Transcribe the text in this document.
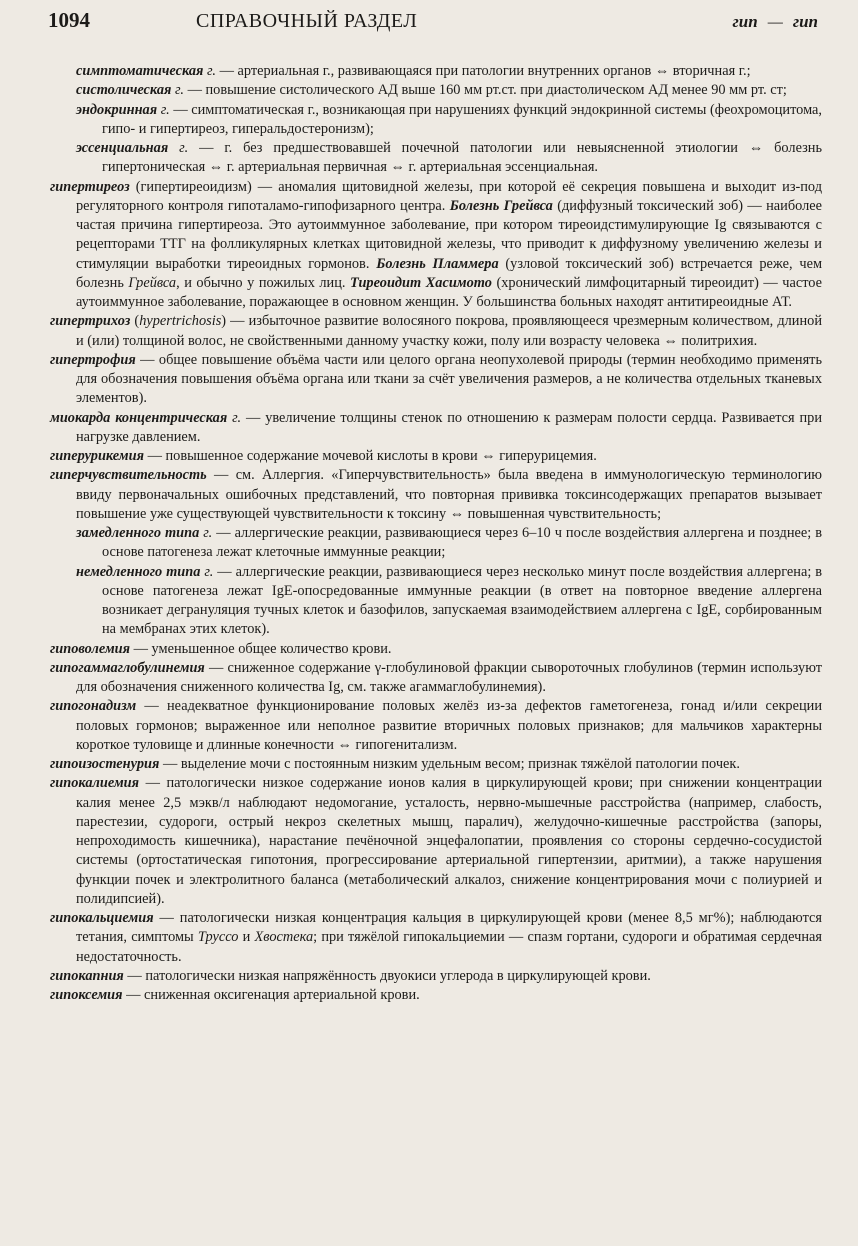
1094	СПРАВОЧНЫЙ РАЗДЕЛ	гип — гип

симптоматическая г. — артериальная г., развивающаяся при патологии внутренних органов ⇔ вторичная г.;

систолическая г. — повышение систолического АД выше 160 мм рт.ст. при диастолическом АД менее 90 мм рт. ст;

эндокринная г. — симптоматическая г., возникающая при нарушениях функций эндокринной системы (феохромоцитома, гипо- и гипертиреоз, гиперальдостеронизм);

эссенциальная г. — г. без предшествовавшей почечной патологии или невыясненной этиологии ⇔ болезнь гипертоническая ⇔ г. артериальная первичная ⇔ г. артериальная эссенциальная.

гипертиреоз (гипертиреоидизм) — аномалия щитовидной железы, при которой её секреция повышена и выходит из-под регуляторного контроля гипоталамо-гипофизарного центра. Болезнь Грейвса (диффузный токсический зоб) — наиболее частая причина гипертиреоза. Это аутоиммунное заболевание, при котором тиреоидстимулирующие Ig связываются с рецепторами ТТГ на фолликулярных клетках щитовидной железы, что приводит к диффузному увеличению железы и стимуляции выработки тиреоидных гормонов. Болезнь Пламмера (узловой токсический зоб) встречается реже, чем болезнь Грейвса, и обычно у пожилых лиц. Тиреоидит Хасимото (хронический лимфоцитарный тиреоидит) — частое аутоиммунное заболевание, поражающее в основном женщин. У большинства больных находят антитиреоидные АТ.

гипертрихоз (hypertrichosis) — избыточное развитие волосяного покрова, проявляющееся чрезмерным количеством, длиной и (или) толщиной волос, не свойственными данному участку кожи, полу или возрасту человека ⇔ политрихия.

гипертрофия — общее повышение объёма части или целого органа неопухолевой природы (термин необходимо применять для обозначения повышения объёма органа или ткани за счёт увеличения размеров, а не количества отдельных тканевых элементов).

миокарда концентрическая г. — увеличение толщины стенок по отношению к размерам полости сердца. Развивается при нагрузке давлением.

гиперурикемия — повышенное содержание мочевой кислоты в крови ⇔ гиперурицемия.

гиперчувствительность — см. Аллергия. «Гиперчувствительность» была введена в иммунологическую терминологию ввиду первоначальных ошибочных представлений, что повторная прививка токсинсодержащих препаратов вызывает повышение уже существующей чувствительности к токсину ⇔ повышенная чувствительность;

замедленного типа г. — аллергические реакции, развивающиеся через 6–10 ч после воздействия аллергена и позднее; в основе патогенеза лежат клеточные иммунные реакции;

немедленного типа г. — аллергические реакции, развивающиеся через несколько минут после воздействия аллергена; в основе патогенеза лежат IgE-опосредованные иммунные реакции (в ответ на повторное введение аллергена возникает дегрануляция тучных клеток и базофилов, запускаемая взаимодействием аллергена с IgE, сорбированным на мембранах этих клеток).

гиповолемия — уменьшенное общее количество крови.

гипогаммаглобулинемия — сниженное содержание γ-глобулиновой фракции сывороточных глобулинов (термин используют для обозначения сниженного количества Ig, см. также агаммаглобулинемия).

гипогонадизм — неадекватное функционирование половых желёз из-за дефектов гаметогенеза, гонад и/или секреции половых гормонов; выраженное или неполное развитие вторичных половых признаков; для мальчиков характерны короткое туловище и длинные конечности ⇔ гипогенитализм.

гипоизостенурия — выделение мочи с постоянным низким удельным весом; признак тяжёлой патологии почек.

гипокалиемия — патологически низкое содержание ионов калия в циркулирующей крови; при снижении концентрации калия менее 2,5 мэкв/л наблюдают недомогание, усталость, нервно-мышечные расстройства (например, слабость, парестезии, судороги, острый некроз скелетных мышц, паралич), желудочно-кишечные расстройства (запоры, непроходимость кишечника), нарастание печёночной энцефалопатии, проявления со стороны сердечно-сосудистой системы (ортостатическая гипотония, прогрессирование артериальной гипертензии, аритмии), а также нарушения функции почек и электролитного баланса (метаболический алкалоз, снижение концентрирования мочи с полиурией и полидипсией).

гипокальциемия — патологически низкая концентрация кальция в циркулирующей крови (менее 8,5 мг%); наблюдаются тетания, симптомы Труссо и Хвостека; при тяжёлой гипокальциемии — спазм гортани, судороги и обратимая сердечная недостаточность.

гипокапния — патологически низкая напряжённость двуокиси углерода в циркулирующей крови.

гипоксемия — сниженная оксигенация артериальной крови.
